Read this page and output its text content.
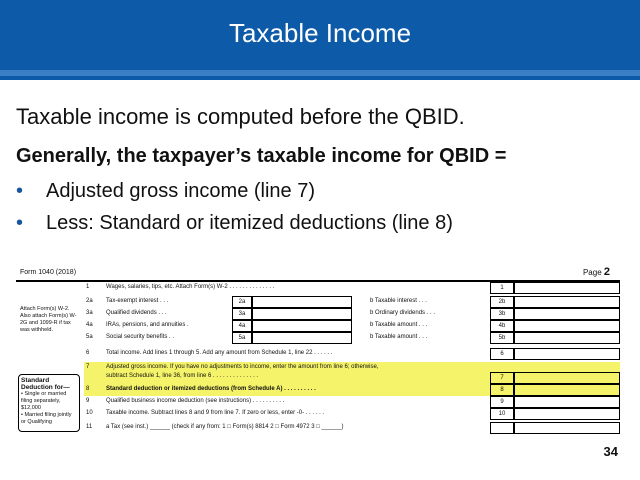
Taxable Income
Taxable income is computed before the QBID.
Generally, the taxpayer’s taxable income for QBID =
• Adjusted gross income (line 7)
• Less: Standard or itemized deductions (line 8)
Form 1040 (2018)	Page 2
Attach Form(s) W-2. Also attach Form(s) W-2G and 1099-R if tax was withheld.
Standard Deduction for—
• Single or married filing separately, $12,000
• Married filing jointly or Qualifying
1	Wages, salaries, tips, etc. Attach Form(s) W-2 . . . . . . . . . . . . . .	1
2a	Tax-exempt interest . . .	2a	b Taxable interest . . .	2b
3a	Qualified dividends . . .	3a	b Ordinary dividends . . .	3b
4a	IRAs, pensions, and annuities .	4a	b Taxable amount . . .	4b
5a	Social security benefits . .	5a	b Taxable amount . . .	5b
6	Total income. Add lines 1 through 5. Add any amount from Schedule 1, line 22 . . . . . .	6
7	Adjusted gross income. If you have no adjustments to income, enter the amount from line 6; otherwise,
subtract Schedule 1, line 36, from line 6 . . . . . . . . . . . . . .	7
8	Standard deduction or itemized deductions (from Schedule A) . . . . . . . . . .	8
9	Qualified business income deduction (see instructions) . . . . . . . . . .	9
10	Taxable income. Subtract lines 8 and 9 from line 7. If zero or less, enter -0- . . . . . .	10
11	a Tax (see inst.) ______ (check if any from: 1 □ Form(s) 8814 2 □ Form 4972 3 □ ______)
34
